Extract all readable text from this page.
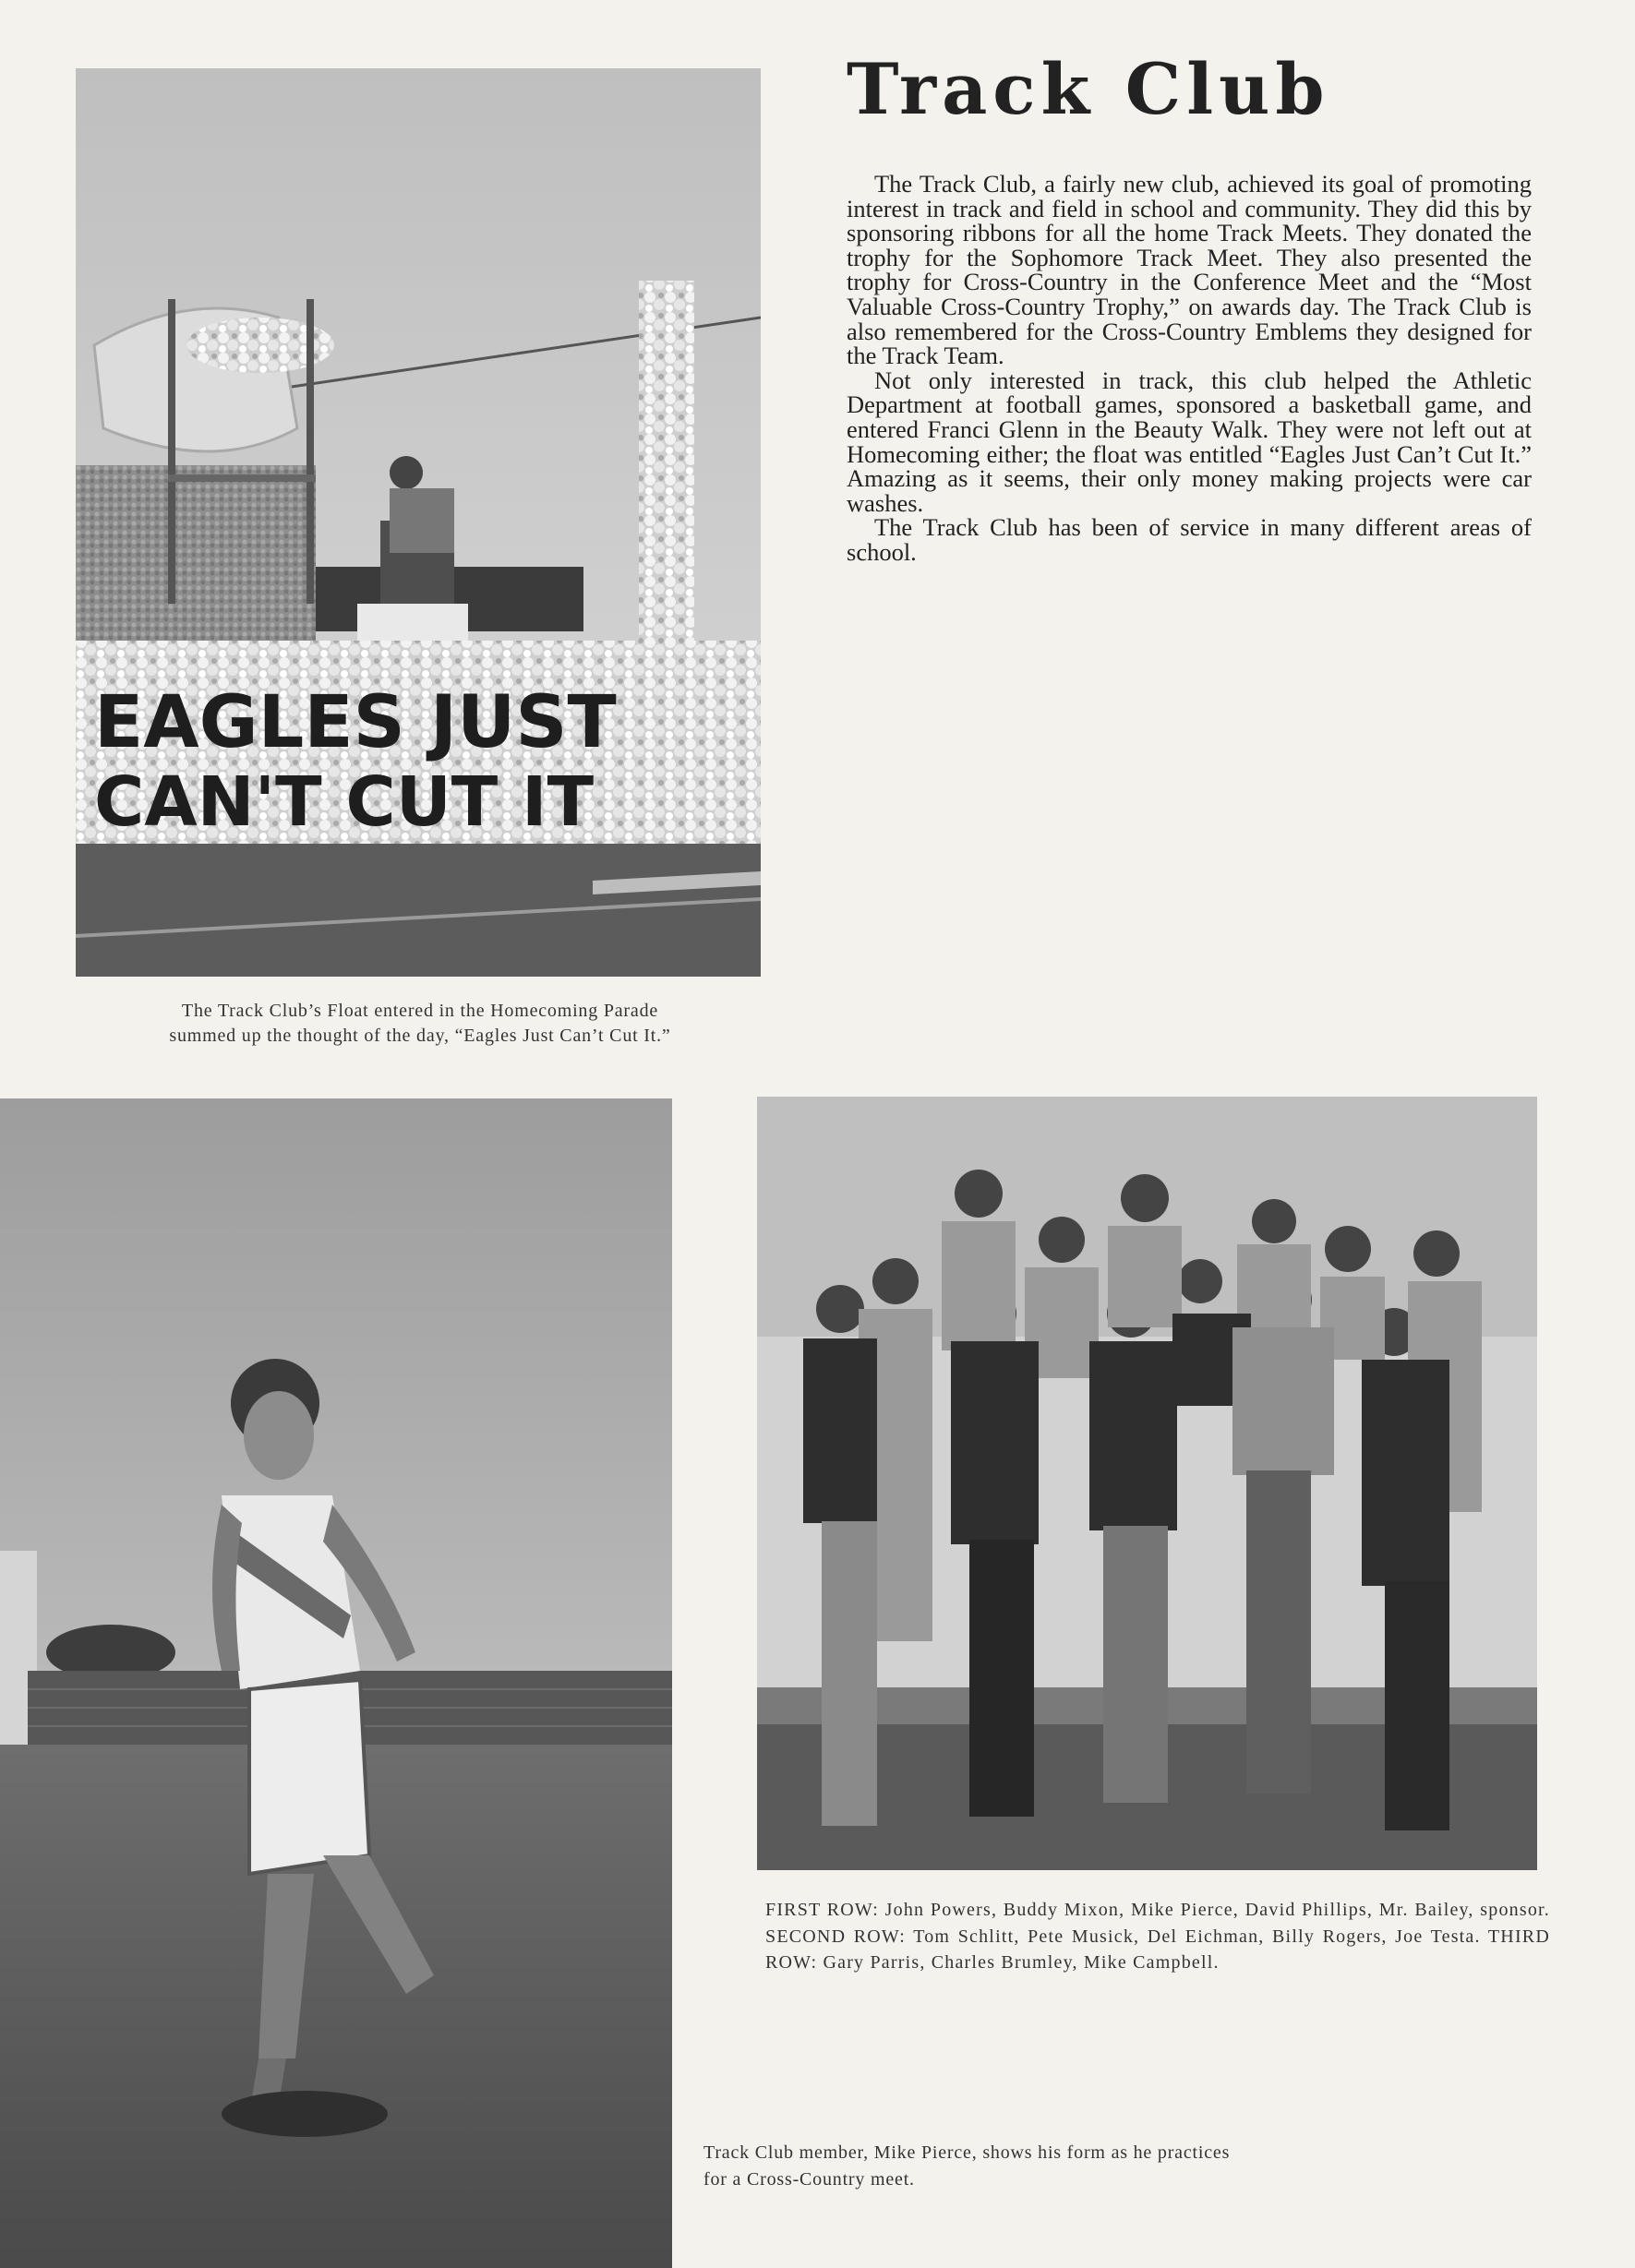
EAGLES JUST
CAN'T CUT IT
Track Club

The Track Club, a fairly new club, achieved its goal of promoting interest in track and field in school and community. They did this by sponsoring ribbons for all the home Track Meets. They donated the trophy for the Sophomore Track Meet. They also presented the trophy for Cross-Country in the Conference Meet and the “Most Valuable Cross-Country Trophy,” on awards day. The Track Club is also remembered for the Cross-Country Emblems they designed for the Track Team.

Not only interested in track, this club helped the Athletic Department at football games, sponsored a basketball game, and entered Franci Glenn in the Beauty Walk. They were not left out at Homecoming either; the float was entitled “Eagles Just Can’t Cut It.” Amazing as it seems, their only money making projects were car washes.

The Track Club has been of service in many different areas of school.

The Track Club’s Float entered in the Homecoming Parade

summed up the thought of the day, “Eagles Just Can’t Cut It.”

FIRST ROW: John Powers, Buddy Mixon, Mike Pierce, David Phillips, Mr. Bailey, sponsor. SECOND ROW: Tom Schlitt, Pete Musick, Del Eichman, Billy Rogers, Joe Testa. THIRD ROW: Gary Parris, Charles Brumley, Mike Campbell.

Track Club member, Mike Pierce, shows his form as he practices

for a Cross-Country meet.
